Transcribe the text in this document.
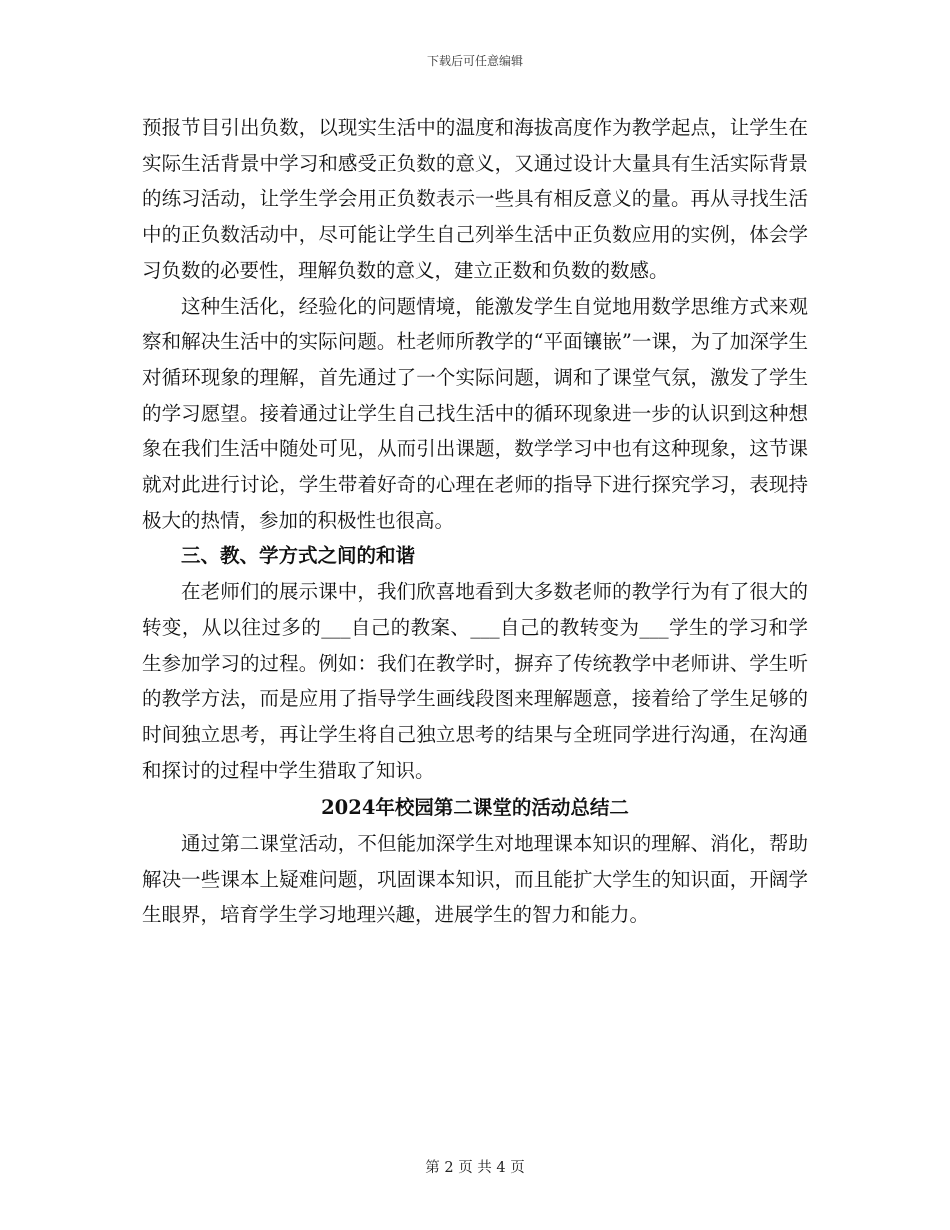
下载后可任意编辑

预报节目引出负数，以现实生活中的温度和海拔高度作为教学起点，让学生在实际生活背景中学习和感受正负数的意义，又通过设计大量具有生活实际背景的练习活动，让学生学会用正负数表示一些具有相反意义的量。再从寻找生活中的正负数活动中，尽可能让学生自己列举生活中正负数应用的实例，体会学习负数的必要性，理解负数的意义，建立正数和负数的数感。

这种生活化，经验化的问题情境，能激发学生自觉地用数学思维方式来观察和解决生活中的实际问题。杜老师所教学的“平面镶嵌”一课，为了加深学生对循环现象的理解，首先通过了一个实际问题，调和了课堂气氛，激发了学生的学习愿望。接着通过让学生自己找生活中的循环现象进一步的认识到这种想象在我们生活中随处可见，从而引出课题，数学学习中也有这种现象，这节课就对此进行讨论，学生带着好奇的心理在老师的指导下进行探究学习，表现持极大的热情，参加的积极性也很高。

三、教、学方式之间的和谐

在老师们的展示课中，我们欣喜地看到大多数老师的教学行为有了很大的转变，从以往过多的___自己的教案、___自己的教转变为___学生的学习和学生参加学习的过程。例如：我们在教学时，摒弃了传统教学中老师讲、学生听的教学方法，而是应用了指导学生画线段图来理解题意，接着给了学生足够的时间独立思考，再让学生将自己独立思考的结果与全班同学进行沟通，在沟通和探讨的过程中学生猎取了知识。

2024年校园第二课堂的活动总结二

通过第二课堂活动，不但能加深学生对地理课本知识的理解、消化，帮助解决一些课本上疑难问题，巩固课本知识，而且能扩大学生的知识面，开阔学生眼界，培育学生学习地理兴趣，进展学生的智力和能力。

第 2 页 共 4 页
